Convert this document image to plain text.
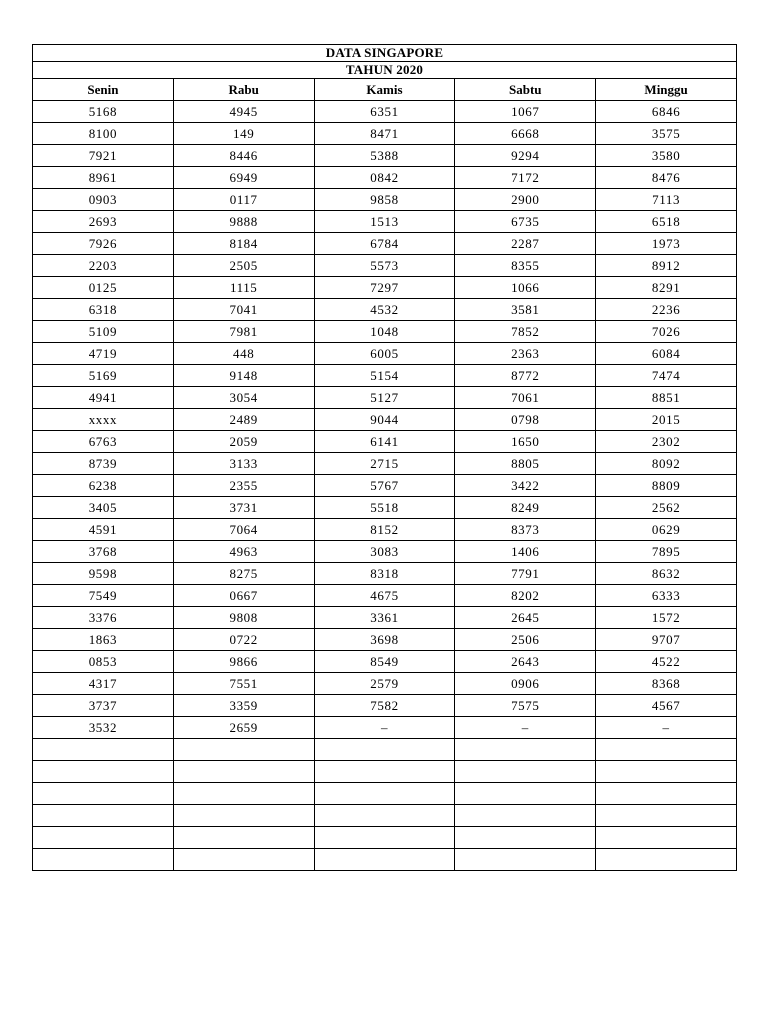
DATA SINGAPORE				
TAHUN 2020				
Senin	Rabu	Kamis	Sabtu	Minggu
5168	4945	6351	1067	6846
8100	149	8471	6668	3575
7921	8446	5388	9294	3580
8961	6949	0842	7172	8476
0903	0117	9858	2900	7113
2693	9888	1513	6735	6518
7926	8184	6784	2287	1973
2203	2505	5573	8355	8912
0125	1115	7297	1066	8291
6318	7041	4532	3581	2236
5109	7981	1048	7852	7026
4719	448	6005	2363	6084
5169	9148	5154	8772	7474
4941	3054	5127	7061	8851
xxxx	2489	9044	0798	2015
6763	2059	6141	1650	2302
8739	3133	2715	8805	8092
6238	2355	5767	3422	8809
3405	3731	5518	8249	2562
4591	7064	8152	8373	0629
3768	4963	3083	1406	7895
9598	8275	8318	7791	8632
7549	0667	4675	8202	6333
3376	9808	3361	2645	1572
1863	0722	3698	2506	9707
0853	9866	8549	2643	4522
4317	7551	2579	0906	8368
3737	3359	7582	7575	4567
3532	2659	–	–	–
